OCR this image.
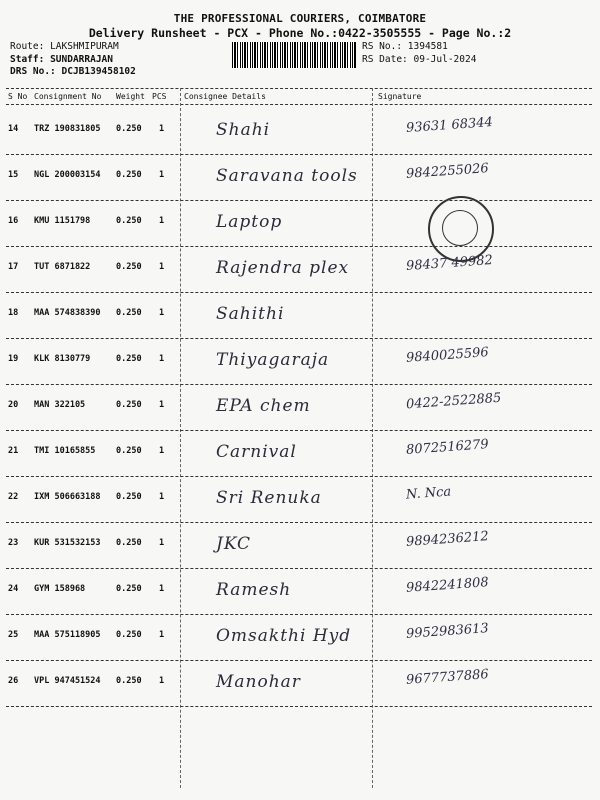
THE PROFESSIONAL COURIERS, COIMBATORE
Delivery Runsheet - PCX - Phone No.:0422-3505555 - Page No.:2
Route: LAKSHMIPURAM
Staff: SUNDARRAJAN
DRS No.: DCJB139458102
RS No.: 1394581
RS Date: 09-Jul-2024
S No Consignment No Weight PCS Consignee Details	Signature
14 TRZ 190831805 0.250 1	Shahi	93631 68344
15 NGL 200003154 0.250 1	Saravana tools	9842255026
16 KMU 1151798	0.250 1	Laptop
17 TUT 6871822	0.250 1	Rajendra plex	98437 49982
18 MAA 574838390 0.250 1	Sahithi
19 KLK 8130779	0.250 1	Thiyagaraja	9840025596
20 MAN 322105	0.250 1	EPA chem	0422-2522885
21 TMI 10165855 0.250 1	Carnival	8072516279
22 IXM 506663188 0.250 1	Sri Renuka	N. Nca
23 KUR 531532153 0.250 1	JKC	9894236212
24 GYM 158968	0.250 1	Ramesh	9842241808
25 MAA 575118905 0.250 1	Omsakthi Hyd	9952983613
26 VPL 947451524 0.250 1	Manohar	9677737886
